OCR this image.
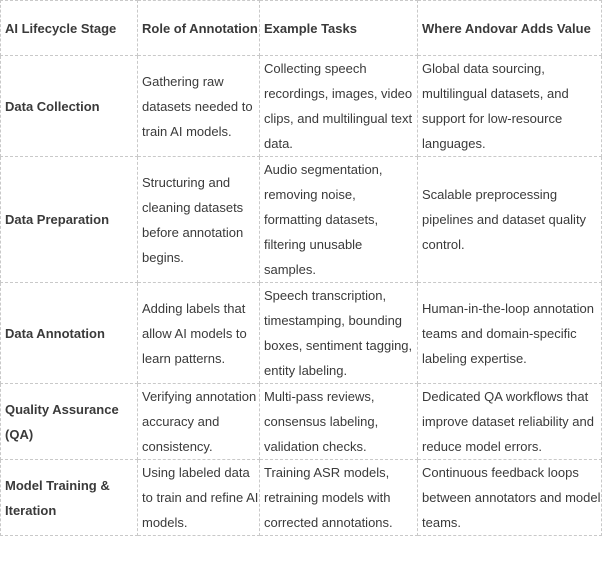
AI Lifecycle Stage	Role of Annotation	Example Tasks	Where Andovar Adds Value
Data Collection	Gathering raw datasets needed to train AI models.	Collecting speech recordings, images, video clips, and multilingual text data.	Global data sourcing, multilingual datasets, and support for low-resource languages.
Data Preparation	Structuring and cleaning datasets before annotation begins.	Audio segmentation, removing noise, formatting datasets, filtering unusable samples.	Scalable preprocessing pipelines and dataset quality control.
Data Annotation	Adding labels that allow AI models to learn patterns.	Speech transcription, timestamping, bounding boxes, sentiment tagging, entity labeling.	Human-in-the-loop annotation teams and domain-specific labeling expertise.
Quality Assurance (QA)	Verifying annotation accuracy and consistency.	Multi-pass reviews, consensus labeling, validation checks.	Dedicated QA workflows that improve dataset reliability and reduce model errors.
Model Training & Iteration	Using labeled data to train and refine AI models.	Training ASR models, retraining models with corrected annotations.	Continuous feedback loops between annotators and model teams.
